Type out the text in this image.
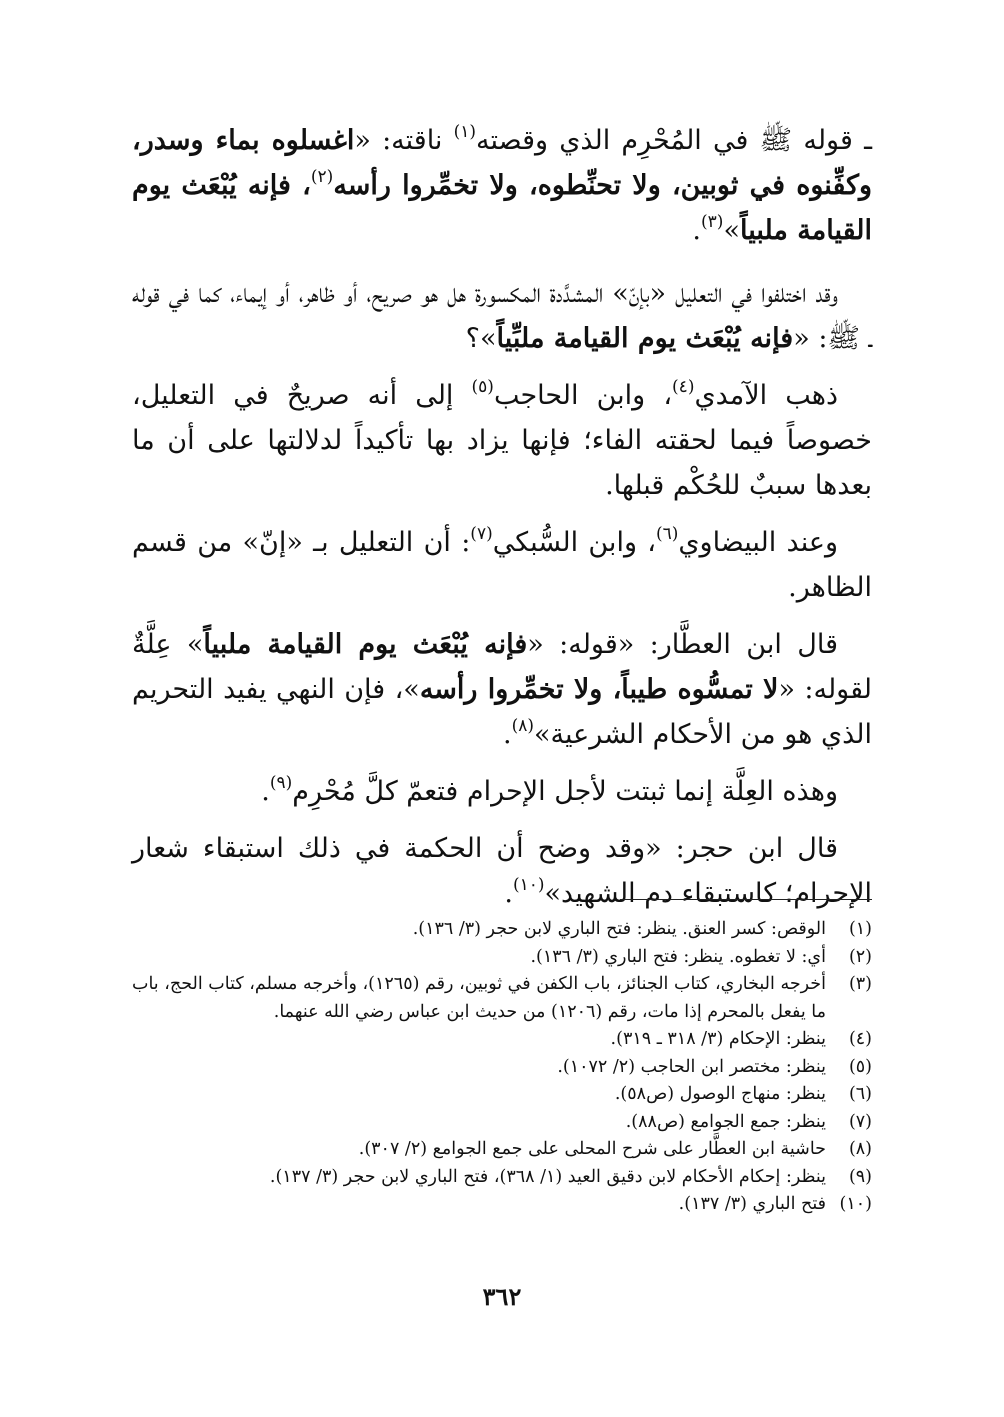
ـ قوله ﷺ في المُحْرِم الذي وقصته$^{(١)}$ ناقته: «اغسلوه بماء وسدر، وكفِّنوه في ثوبين، ولا تحنِّطوه، ولا تخمِّروا رأسه$^{(٢)}$، فإنه يُبْعَث يوم القيامة ملبياً»$^{(٣)}$.

وقد اختلفوا في التعليل «بإنّ» المشدَّدة المكسورة هل هو صريح، أو ظاهر، أو إيماء، كما في قوله ـ ﷺ: «فإنه يُبْعَث يوم القيامة ملبِّياً»؟

ذهب الآمدي$^{(٤)}$، وابن الحاجب$^{(٥)}$ إلى أنه صريحٌ في التعليل، خصوصاً فيما لحقته الفاء؛ فإنها يزاد بها تأكيداً لدلالتها على أن ما بعدها سببٌ للحُكْم قبلها.

وعند البيضاوي$^{(٦)}$، وابن السُّبكي$^{(٧)}$: أن التعليل بـ «إنّ» من قسم الظاهر.

قال ابن العطَّار: «قوله: «فإنه يُبْعَث يوم القيامة ملبياً» عِلَّةٌ لقوله: «لا تمسُّوه طيباً، ولا تخمِّروا رأسه»، فإن النهي يفيد التحريم الذي هو من الأحكام الشرعية»$^{(٨)}$.

وهذه العِلَّة إنما ثبتت لأجل الإحرام فتعمّ كلَّ مُحْرِم$^{(٩)}$.

قال ابن حجر: «وقد وضح أن الحكمة في ذلك استبقاء شعار الإحرام؛ كاستبقاء دم الشهيد»$^{(١٠)}$.

(١)
الوقص: كسر العنق. ينظر: فتح الباري لابن حجر (٣/ ١٣٦).
(٢)
أي: لا تغطوه. ينظر: فتح الباري (٣/ ١٣٦).
(٣)
أخرجه البخاري، كتاب الجنائز، باب الكفن في ثوبين، رقم (١٢٦٥)، وأخرجه مسلم، كتاب الحج، باب ما يفعل بالمحرم إذا مات، رقم (١٢٠٦) من حديث ابن عباس رضي الله عنهما.
(٤)
ينظر: الإحكام (٣/ ٣١٨ ـ ٣١٩).
(٥)
ينظر: مختصر ابن الحاجب (٢/ ١٠٧٢).
(٦)
ينظر: منهاج الوصول (ص٥٨).
(٧)
ينظر: جمع الجوامع (ص٨٨).
(٨)
حاشية ابن العطَّار على شرح المحلى على جمع الجوامع (٢/ ٣٠٧).
(٩)
ينظر: إحكام الأحكام لابن دقيق العيد (١/ ٣٦٨)، فتح الباري لابن حجر (٣/ ١٣٧).
(١٠)
فتح الباري (٣/ ١٣٧).
٣٦٢
